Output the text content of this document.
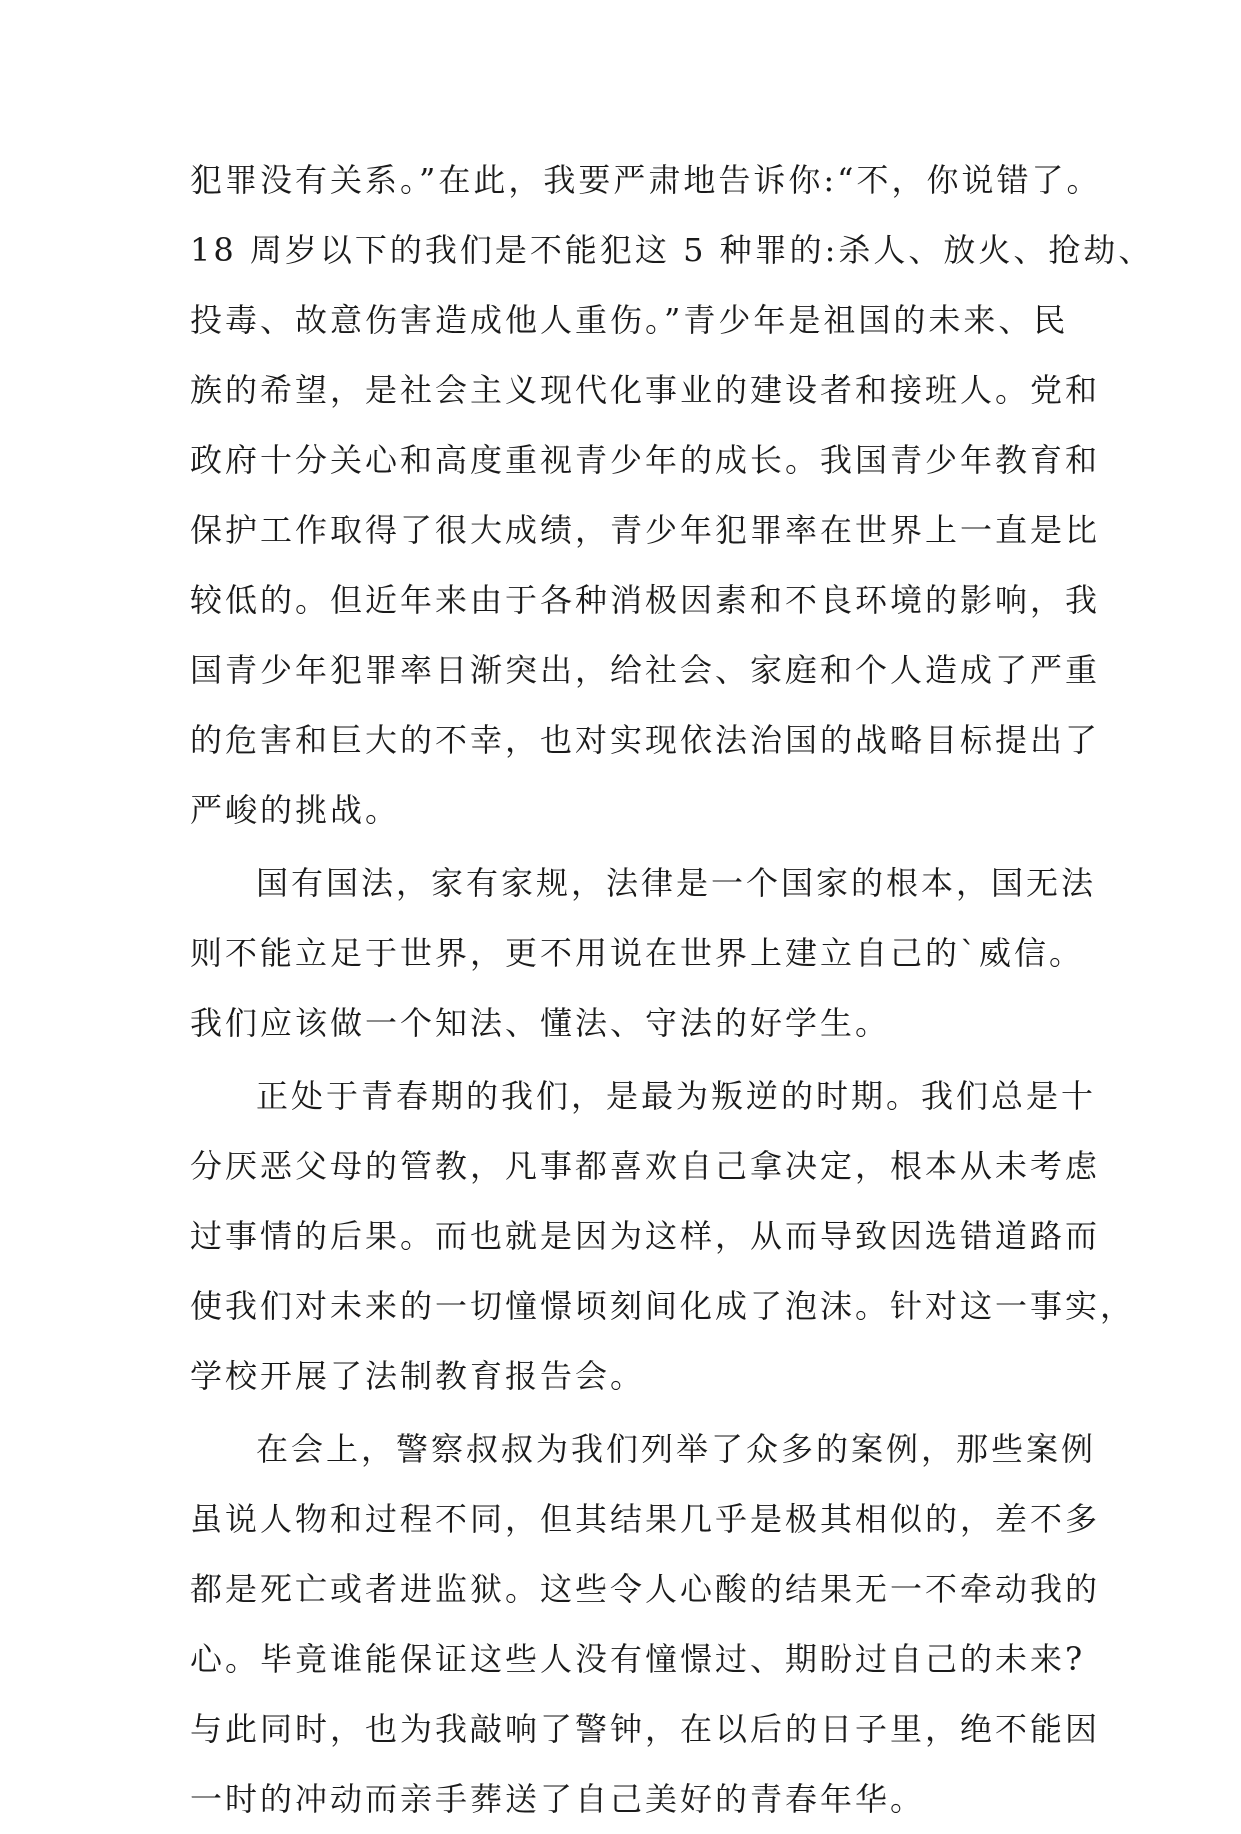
犯罪没有关系。”在此，我要严肃地告诉你:“不，你说错了。
18 周岁以下的我们是不能犯这 5 种罪的:杀人、放火、抢劫、
投毒、故意伤害造成他人重伤。”青少年是祖国的未来、民
族的希望，是社会主义现代化事业的建设者和接班人。党和
政府十分关心和高度重视青少年的成长。我国青少年教育和
保护工作取得了很大成绩，青少年犯罪率在世界上一直是比
较低的。但近年来由于各种消极因素和不良环境的影响，我
国青少年犯罪率日渐突出，给社会、家庭和个人造成了严重
的危害和巨大的不幸，也对实现依法治国的战略目标提出了
严峻的挑战。
国有国法，家有家规，法律是一个国家的根本，国无法
则不能立足于世界，更不用说在世界上建立自己的`威信。
我们应该做一个知法、懂法、守法的好学生。
正处于青春期的我们，是最为叛逆的时期。我们总是十
分厌恶父母的管教，凡事都喜欢自己拿决定，根本从未考虑
过事情的后果。而也就是因为这样，从而导致因选错道路而
使我们对未来的一切憧憬顷刻间化成了泡沫。针对这一事实，
学校开展了法制教育报告会。
在会上，警察叔叔为我们列举了众多的案例，那些案例
虽说人物和过程不同，但其结果几乎是极其相似的，差不多
都是死亡或者进监狱。这些令人心酸的结果无一不牵动我的
心。毕竟谁能保证这些人没有憧憬过、期盼过自己的未来?
与此同时，也为我敲响了警钟，在以后的日子里，绝不能因
一时的冲动而亲手葬送了自己美好的青春年华。
